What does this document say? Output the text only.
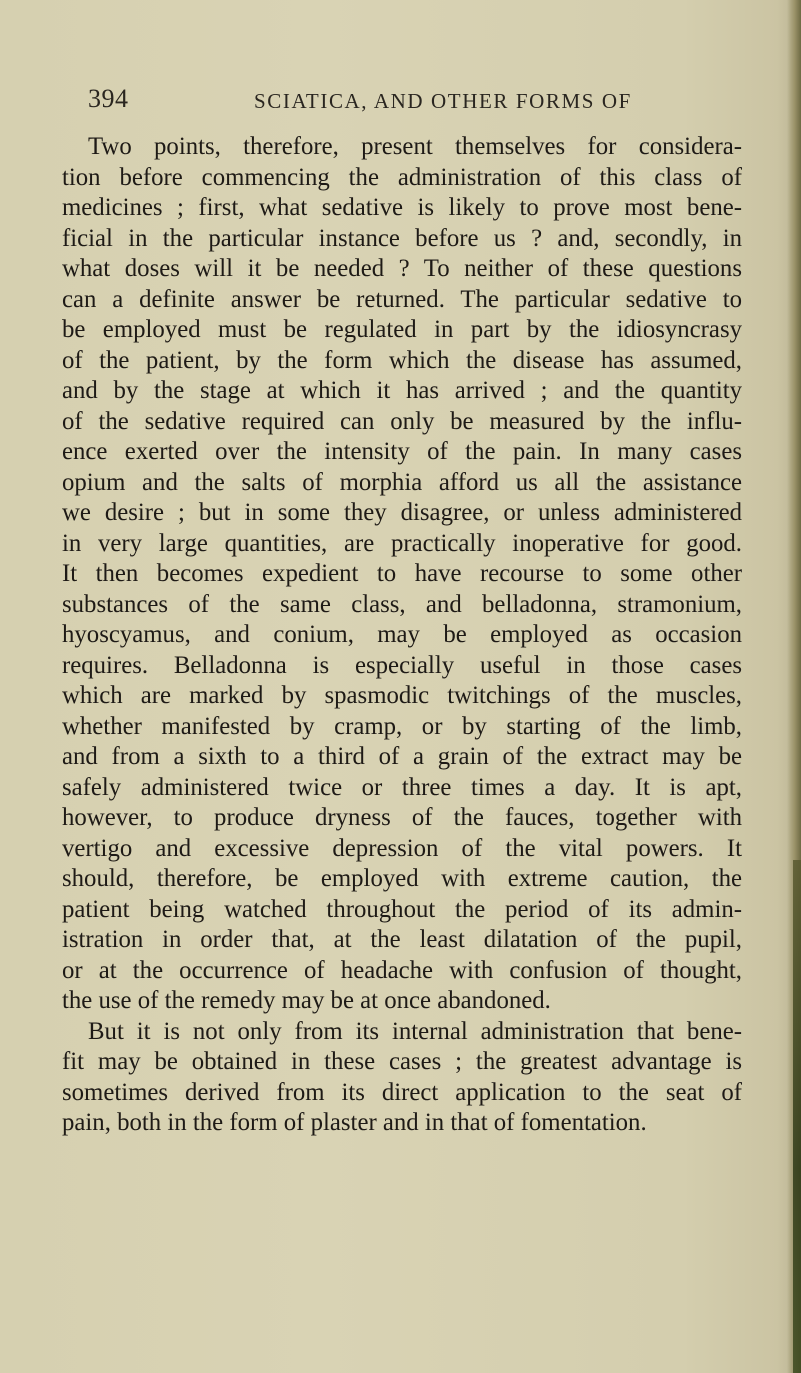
394	SCIATICA, AND OTHER FORMS OF
Two points, therefore, present themselves for considera-
tion before commencing the administration of this class of
medicines ; first, what sedative is likely to prove most bene-
ficial in the particular instance before us ? and, secondly, in
what doses will it be needed ? To neither of these questions
can a definite answer be returned. The particular sedative to
be employed must be regulated in part by the idiosyncrasy
of the patient, by the form which the disease has assumed,
and by the stage at which it has arrived ; and the quantity
of the sedative required can only be measured by the influ-
ence exerted over the intensity of the pain. In many cases
opium and the salts of morphia afford us all the assistance
we desire ; but in some they disagree, or unless administered
in very large quantities, are practically inoperative for good.
It then becomes expedient to have recourse to some other
substances of the same class, and belladonna, stramonium,
hyoscyamus, and conium, may be employed as occasion
requires. Belladonna is especially useful in those cases
which are marked by spasmodic twitchings of the muscles,
whether manifested by cramp, or by starting of the limb,
and from a sixth to a third of a grain of the extract may be
safely administered twice or three times a day. It is apt,
however, to produce dryness of the fauces, together with
vertigo and excessive depression of the vital powers. It
should, therefore, be employed with extreme caution, the
patient being watched throughout the period of its admin-
istration in order that, at the least dilatation of the pupil,
or at the occurrence of headache with confusion of thought,
the use of the remedy may be at once abandoned.
But it is not only from its internal administration that bene-
fit may be obtained in these cases ; the greatest advantage is
sometimes derived from its direct application to the seat of
pain, both in the form of plaster and in that of fomentation.
